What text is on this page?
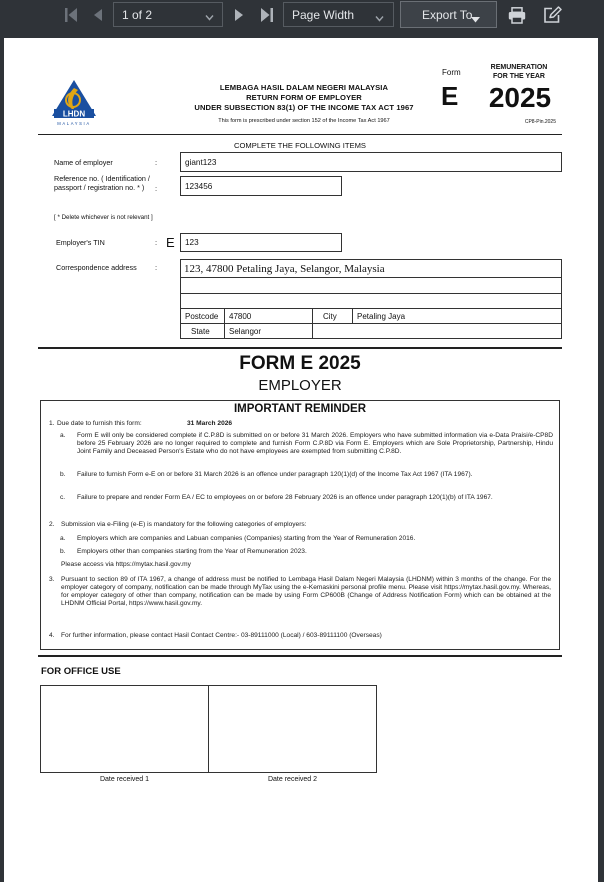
1 of 2	Page Width	Export To
LHDN
MALAYSIA
LEMBAGA HASIL DALAM NEGERI MALAYSIA
RETURN FORM OF EMPLOYER
UNDER SUBSECTION 83(1) OF THE INCOME TAX ACT 1967
This form is prescribed under section 152 of the Income Tax Act 1967
Form
E
REMUNERATION FOR THE YEAR
2025
CP8-Pin.2025
COMPLETE THE FOLLOWING ITEMS
Name of employer	:	giant123
Reference no. ( Identification / passport / registration no. * )	:	123456
[ * Delete whichever is not relevant ]
Employer's TIN	: E	123
Correspondence address : 123, 47800 Petaling Jaya, Selangor, Malaysia
Postcode	47800	City	Petaling Jaya
State	Selangor
FORM E 2025
EMPLOYER
IMPORTANT REMINDER
1. Due date to furnish this form:	31 March 2026
a. Form E will only be considered complete if C.P.8D is submitted on or before 31 March 2026. Employers who have submitted information via e-Data Praisi/e-CP8D before 25 February 2026 are no longer required to complete and furnish Form C.P.8D via Form E. Employers which are Sole Proprietorship, Partnership, Hindu Joint Family and Deceased Person's Estate who do not have employees are exempted from submitting C.P.8D.
b. Failure to furnish Form e-E on or before 31 March 2026 is an offence under paragraph 120(1)(d) of the Income Tax Act 1967 (ITA 1967).
c. Failure to prepare and render Form EA / EC to employees on or before 28 February 2026 is an offence under paragraph 120(1)(b) of ITA 1967.
2. Submission via e-Filing (e-E) is mandatory for the following categories of employers:
a. Employers which are companies and Labuan companies (Companies) starting from the Year of Remuneration 2016.
b. Employers other than companies starting from the Year of Remuneration 2023.
Please access via https://mytax.hasil.gov.my
3. Pursuant to section 89 of ITA 1967, a change of address must be notified to Lembaga Hasil Dalam Negeri Malaysia (LHDNM) within 3 months of the change. For the employer category of company, notification can be made through MyTax using the e-Kemaskini personal profile menu. Please visit https://mytax.hasil.gov.my. Whereas, for employer category of other than company, notification can be made by using Form CP600B (Change of Address Notification Form) which can be obtained at the LHDNM Official Portal, https://www.hasil.gov.my.
4. For further information, please contact Hasil Contact Centre:- 03-89111000 (Local) / 603-89111100 (Overseas)
FOR OFFICE USE
Date received 1	Date received 2
